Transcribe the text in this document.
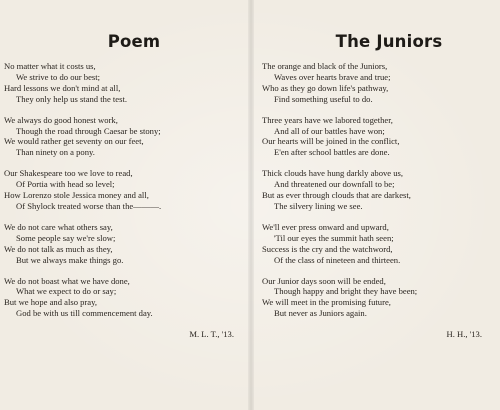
Poem
No matter what it costs us,
We strive to do our best;
Hard lessons we don't mind at all,
They only help us stand the test.
We always do good honest work,
Though the road through Caesar be stony;
We would rather get seventy on our feet,
Than ninety on a pony.
Our Shakespeare too we love to read,
Of Portia with head so level;
How Lorenzo stole Jessica money and all,
Of Shylock treated worse than the———.
We do not care what others say,
Some people say we're slow;
We do not talk as much as they,
But we always make things go.
We do not boast what we have done,
What we expect to do or say;
But we hope and also pray,
God be with us till commencement day.
M. L. T., '13.
The Juniors
The orange and black of the Juniors,
Waves over hearts brave and true;
Who as they go down life's pathway,
Find something useful to do.
Three years have we labored together,
And all of our battles have won;
Our hearts will be joined in the conflict,
E'en after school battles are done.
Thick clouds have hung darkly above us,
And threatened our downfall to be;
But as ever through clouds that are darkest,
The silvery lining we see.
We'll ever press onward and upward,
'Til our eyes the summit hath seen;
Success is the cry and the watchword,
Of the class of nineteen and thirteen.
Our Junior days soon will be ended,
Though happy and bright they have been;
We will meet in the promising future,
But never as Juniors again.
H. H., '13.
